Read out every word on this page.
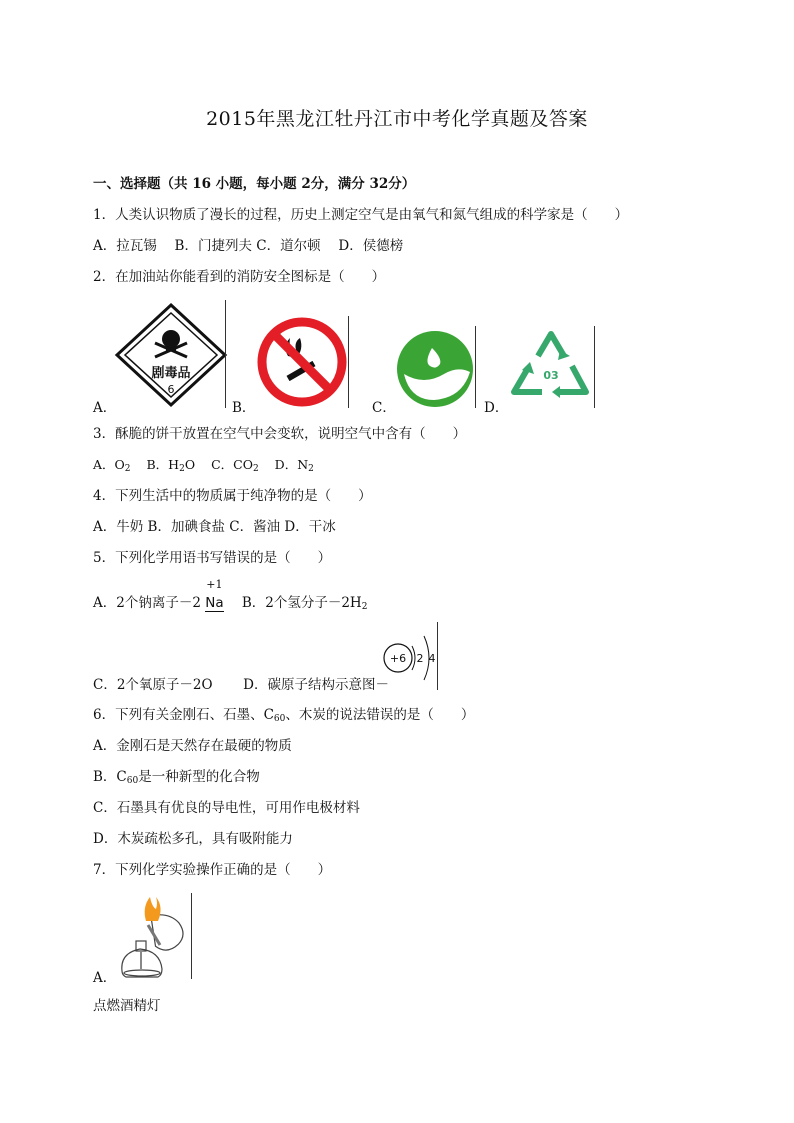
2015年黑龙江牡丹江市中考化学真题及答案
一、选择题（共 16 小题，每小题 2分，满分 32分）
1．人类认识物质了漫长的过程，历史上测定空气是由氧气和氮气组成的科学家是（　　）
A．拉瓦锡　 B．门捷列夫 C．道尔顿　 D．侯德榜
2．在加油站你能看到的消防安全图标是（　　）
剧毒品
6
03
A．	B．	C．	D．
3．酥脆的饼干放置在空气中会变软，说明空气中含有（　　）
A．$O_2$ B．$H_2O$ C．$CO_2$ D．$N_2$
4．下列生活中的物质属于纯净物的是（　　）
A．牛奶 B．加碘食盐 C．酱油 D．干冰
5．下列化学用语书写错误的是（　　）
A．2个钠离子－2
+1
Na B．2个氢分子$-2H_2$
+6 2 4
C．2个氧原子－2O D．碳原子结构示意图－
6．下列有关金刚石、石墨、$C_{60}$、木炭的说法错误的是（　　）
A．金刚石是天然存在最硬的物质
B．$C_{60}$是一种新型的化合物
C．石墨具有优良的导电性，可用作电极材料
D．木炭疏松多孔，具有吸附能力
7．下列化学实验操作正确的是（　　）
A．
点燃酒精灯
